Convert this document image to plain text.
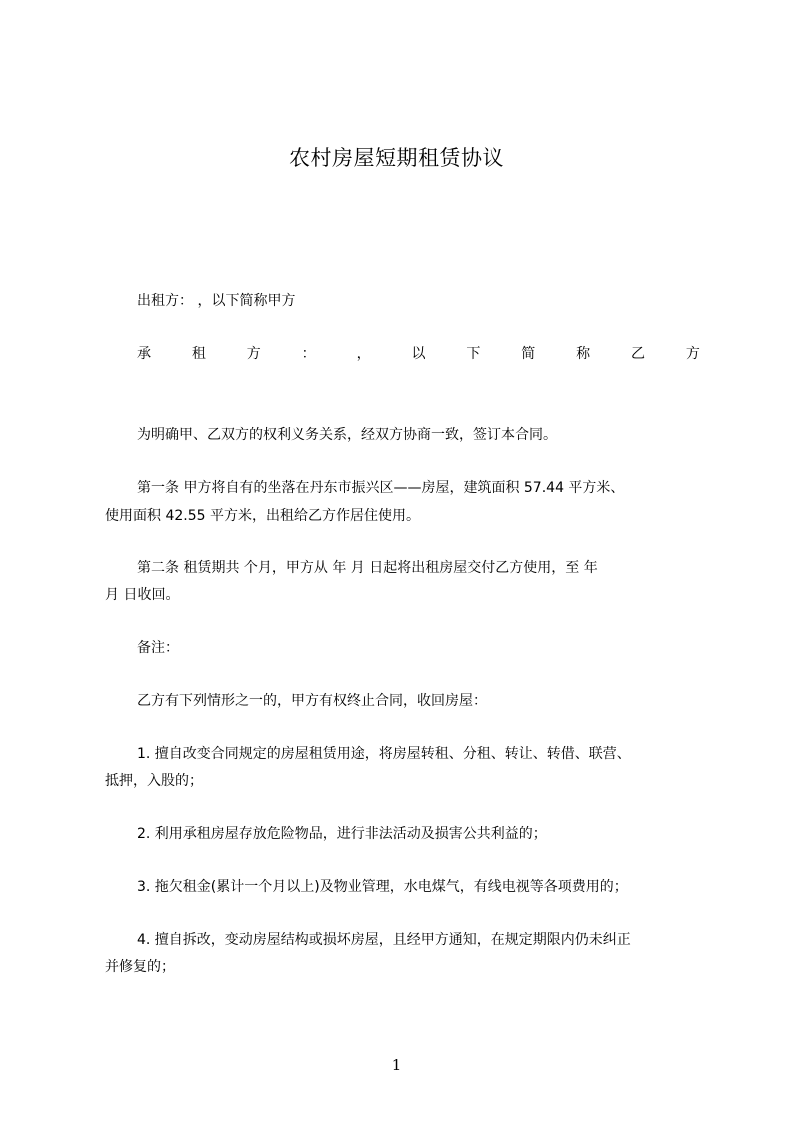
农村房屋短期租赁协议
出租方： ，以下简称甲方
承	租	方	：	，	以	下	简	称	乙	方
为明确甲、乙双方的权利义务关系，经双方协商一致，签订本合同。
第一条 甲方将自有的坐落在丹东市振兴区——房屋，建筑面积 57.44 平方米、
使用面积 42.55 平方米，出租给乙方作居住使用。
第二条 租赁期共 个月，甲方从 年 月 日起将出租房屋交付乙方使用，至 年
月 日收回。
备注：
乙方有下列情形之一的，甲方有权终止合同，收回房屋：
1. 擅自改变合同规定的房屋租赁用途，将房屋转租、分租、转让、转借、联营、
抵押，入股的；
2. 利用承租房屋存放危险物品，进行非法活动及损害公共利益的；
3. 拖欠租金(累计一个月以上)及物业管理，水电煤气，有线电视等各项费用的；
4. 擅自拆改，变动房屋结构或损坏房屋，且经甲方通知，在规定期限内仍未纠正
并修复的；
1
